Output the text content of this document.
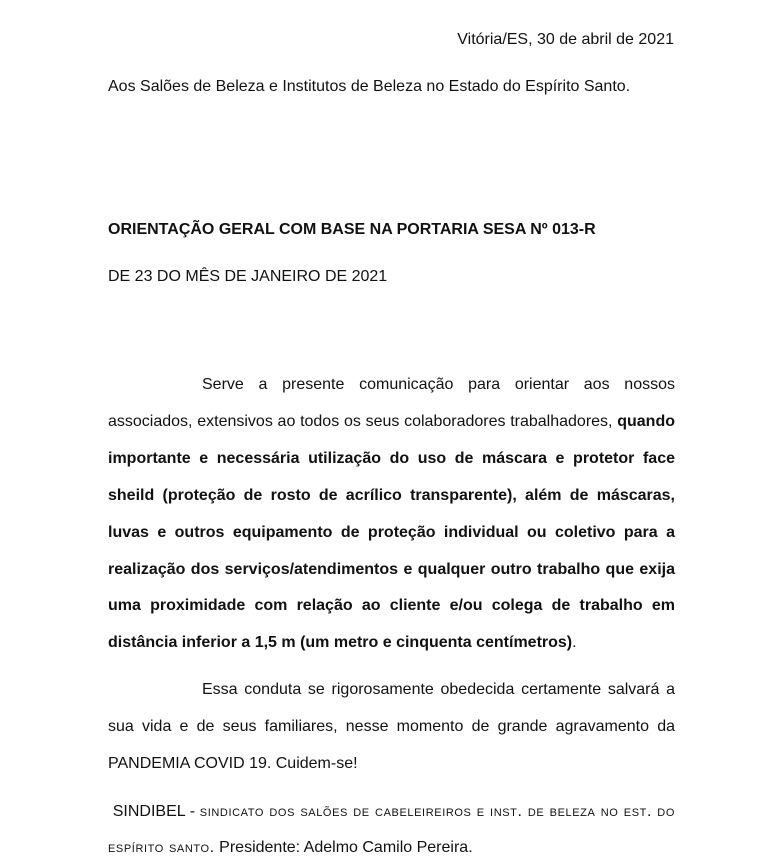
Vitória/ES, 30 de abril de 2021
Aos Salões de Beleza e Institutos de Beleza no Estado do Espírito Santo.
ORIENTAÇÃO GERAL COM BASE NA PORTARIA SESA Nº 013-R
DE 23 DO MÊS DE JANEIRO DE 2021
Serve a presente comunicação para orientar aos nossos associados, extensivos ao todos os seus colaboradores trabalhadores, quando importante e necessária utilização do uso de máscara e protetor face sheild (proteção de rosto de acrílico transparente), além de máscaras, luvas e outros equipamento de proteção individual ou coletivo para a realização dos serviços/atendimentos e qualquer outro trabalho que exija uma proximidade com relação ao cliente e/ou colega de trabalho em distância inferior a 1,5 m (um metro e cinquenta centímetros).
Essa conduta se rigorosamente obedecida certamente salvará a sua vida e de seus familiares, nesse momento de grande agravamento da PANDEMIA COVID 19. Cuidem-se!
SINDIBEL - sindicato dos salões de cabeleireiros e inst. de beleza no est. do espírito santo. Presidente: Adelmo Camilo Pereira.
